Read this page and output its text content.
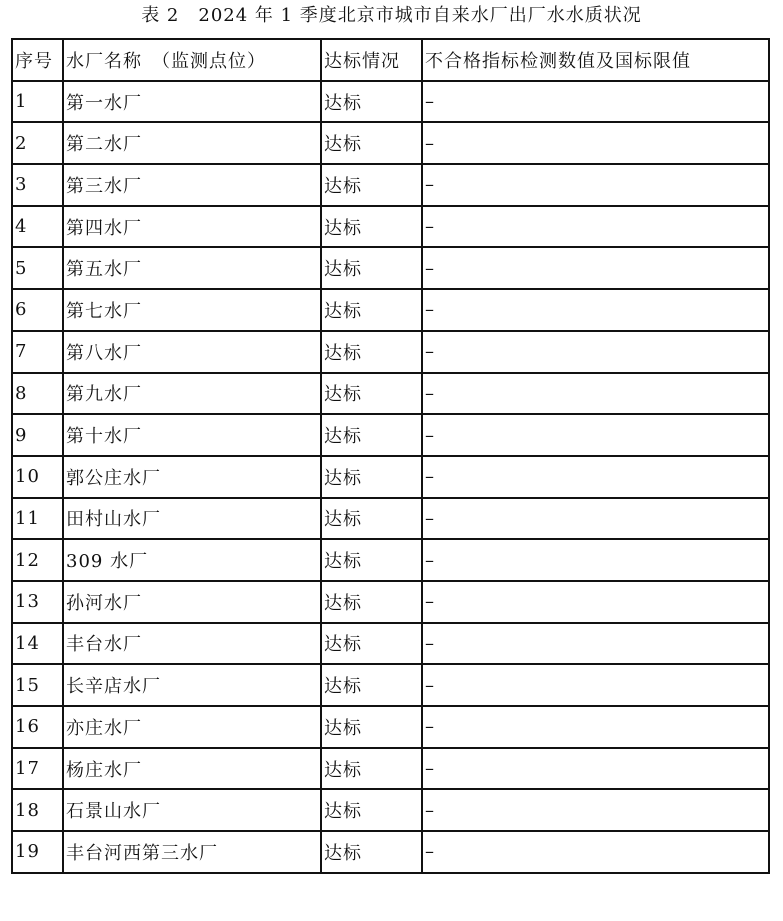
表 2　2024 年 1 季度北京市城市自来水厂出厂水水质状况
序号	水厂名称　（监测点位）	达标情况	不合格指标检测数值及国标限值
1	第一水厂	达标	–
2	第二水厂	达标	–
3	第三水厂	达标	–
4	第四水厂	达标	–
5	第五水厂	达标	–
6	第七水厂	达标	–
7	第八水厂	达标	–
8	第九水厂	达标	–
9	第十水厂	达标	–
10	郭公庄水厂	达标	–
11	田村山水厂	达标	–
12	309 水厂	达标	–
13	孙河水厂	达标	–
14	丰台水厂	达标	–
15	长辛店水厂	达标	–
16	亦庄水厂	达标	–
17	杨庄水厂	达标	–
18	石景山水厂	达标	–
19	丰台河西第三水厂	达标	–
